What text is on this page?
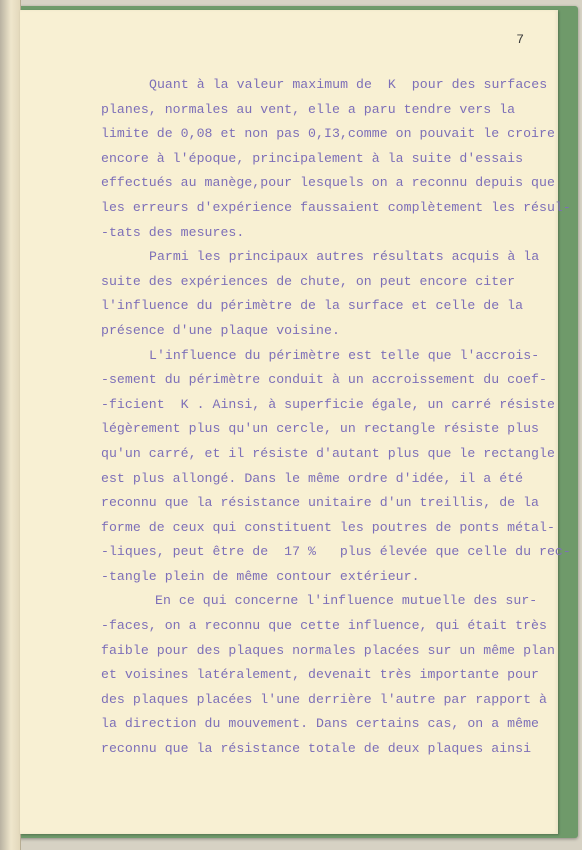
7
Quant à la valeur maximum de  K  pour des surfaces
planes, normales au vent, elle a paru tendre vers la
limite de 0,08 et non pas 0,I3,comme on pouvait le croire
encore à l'époque, principalement à la suite d'essais
effectués au manège,pour lesquels on a reconnu depuis que
les erreurs d'expérience faussaient complètement les résul-
-tats des mesures.
Parmi les principaux autres résultats acquis à la
suite des expériences de chute, on peut encore citer
l'influence du périmètre de la surface et celle de la
présence d'une plaque voisine.
L'influence du périmètre est telle que l'accrois-
-sement du périmètre conduit à un accroissement du coef-
-ficient  K . Ainsi, à superficie égale, un carré résiste
légèrement plus qu'un cercle, un rectangle résiste plus
qu'un carré, et il résiste d'autant plus que le rectangle
est plus allongé. Dans le même ordre d'idée, il a été
reconnu que la résistance unitaire d'un treillis, de la
forme de ceux qui constituent les poutres de ponts métal-
-liques, peut être de  17 %   plus élevée que celle du rec-
-tangle plein de même contour extérieur.
En ce qui concerne l'influence mutuelle des sur-
-faces, on a reconnu que cette influence, qui était très
faible pour des plaques normales placées sur un même plan
et voisines latéralement, devenait très importante pour
des plaques placées l'une derrière l'autre par rapport à
la direction du mouvement. Dans certains cas, on a même
reconnu que la résistance totale de deux plaques ainsi
